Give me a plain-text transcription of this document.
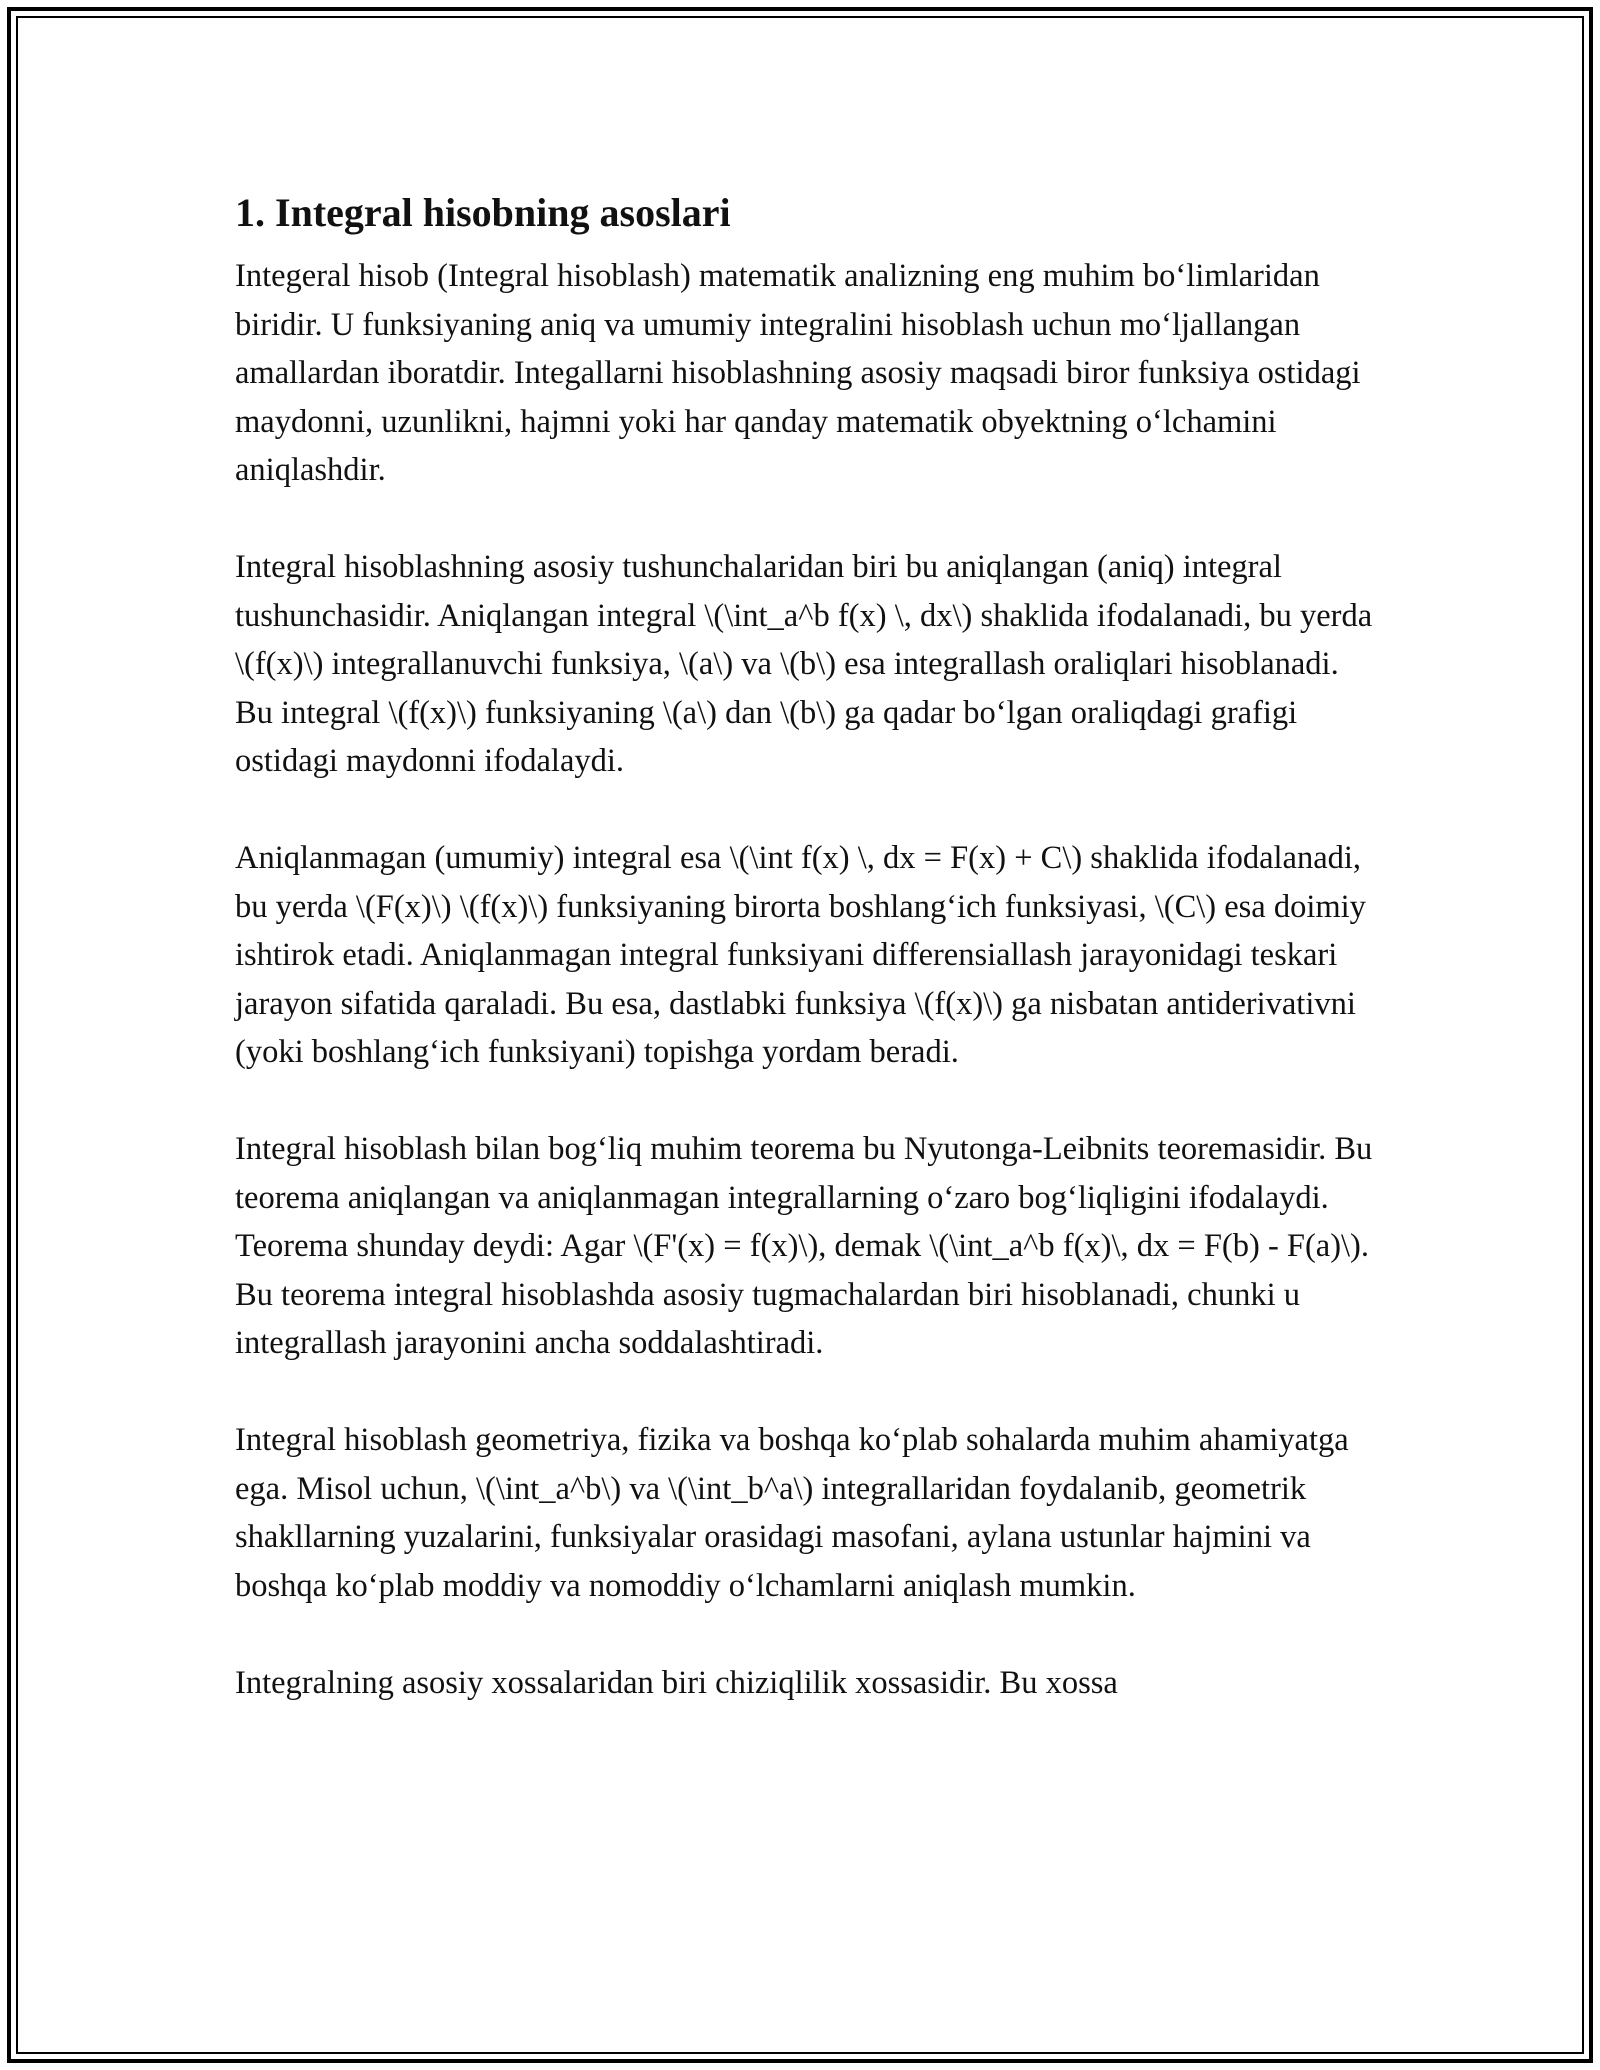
1. Integral hisobning asoslari

Integeral hisob (Integral hisoblash) matematik analizning eng muhim bo‘limlaridan biridir. U funksiyaning aniq va umumiy integralini hisoblash uchun mo‘ljallangan amallardan iboratdir. Integallarni hisoblashning asosiy maqsadi biror funksiya ostidagi maydonni, uzunlikni, hajmni yoki har qanday matematik obyektning o‘lchamini aniqlashdir.

Integral hisoblashning asosiy tushunchalaridan biri bu aniqlangan (aniq) integral tushunchasidir. Aniqlangan integral \(\int_a^b f(x) \, dx\) shaklida ifodalanadi, bu yerda \(f(x)\) integrallanuvchi funksiya, \(a\) va \(b\) esa integrallash oraliqlari hisoblanadi. Bu integral \(f(x)\) funksiyaning \(a\) dan \(b\) ga qadar bo‘lgan oraliqdagi grafigi ostidagi maydonni ifodalaydi.

Aniqlanmagan (umumiy) integral esa \(\int f(x) \, dx = F(x) + C\) shaklida ifodalanadi, bu yerda \(F(x)\) \(f(x)\) funksiyaning birorta boshlang‘ich funksiyasi, \(C\) esa doimiy ishtirok etadi. Aniqlanmagan integral funksiyani differensiallash jarayonidagi teskari jarayon sifatida qaraladi. Bu esa, dastlabki funksiya \(f(x)\) ga nisbatan antiderivativni (yoki boshlang‘ich funksiyani) topishga yordam beradi.

Integral hisoblash bilan bog‘liq muhim teorema bu Nyutonga-Leibnits teoremasidir. Bu teorema aniqlangan va aniqlanmagan integrallarning o‘zaro bog‘liqligini ifodalaydi. Teorema shunday deydi: Agar \(F'(x) = f(x)\), demak \(\int_a^b f(x)\, dx = F(b) - F(a)\). Bu teorema integral hisoblashda asosiy tugmachalardan biri hisoblanadi, chunki u integrallash jarayonini ancha soddalashtiradi.

Integral hisoblash geometriya, fizika va boshqa ko‘plab sohalarda muhim ahamiyatga ega. Misol uchun, \(\int_a^b\) va \(\int_b^a\) integrallaridan foydalanib, geometrik shakllarning yuzalarini, funksiyalar orasidagi masofani, aylana ustunlar hajmini va boshqa ko‘plab moddiy va nomoddiy o‘lchamlarni aniqlash mumkin.

Integralning asosiy xossalaridan biri chiziqlilik xossasidir. Bu xossa
